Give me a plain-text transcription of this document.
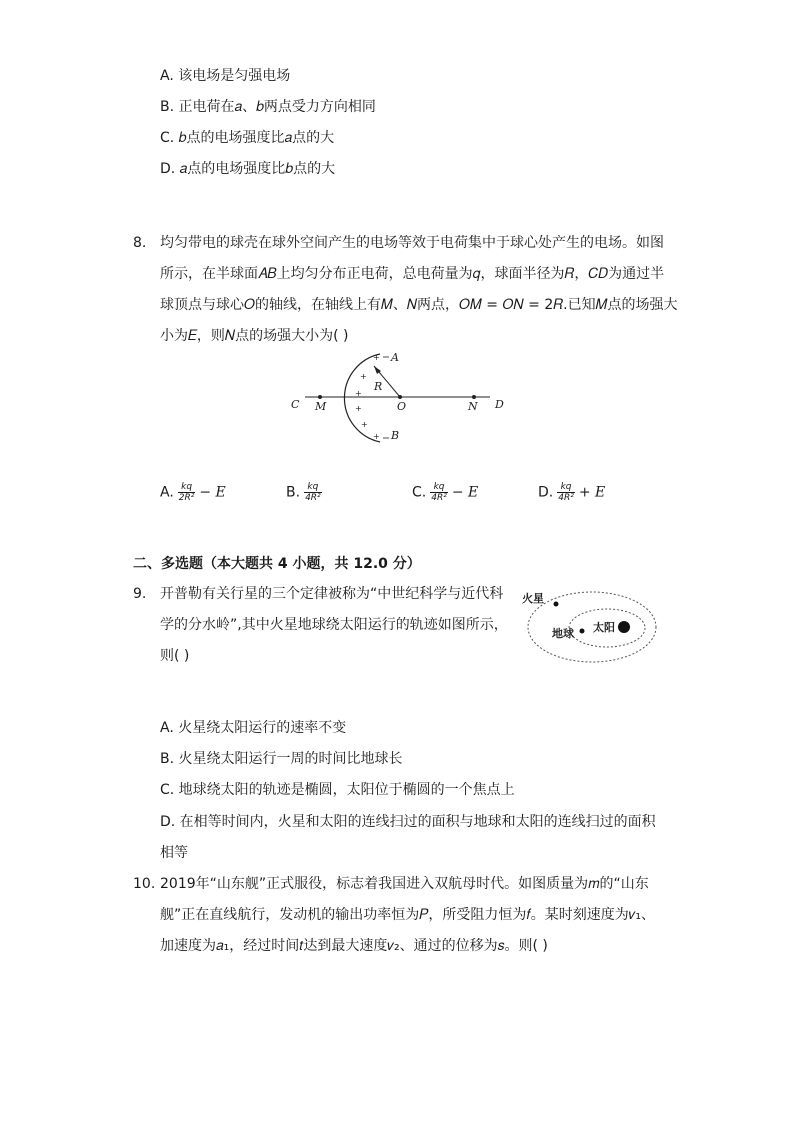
A. 该电场是匀强电场
B. 正电荷在𝑎、𝑏两点受力方向相同
C. 𝑏点的电场强度比𝑎点的大
D. 𝑎点的电场强度比𝑏点的大
8. 均匀带电的球壳在球外空间产生的电场等效于电荷集中于球心处产生的电场。如图
所示，在半球面𝐴𝐵上均匀分布正电荷，总电荷量为𝑞，球面半径为𝑅，𝐶𝐷为通过半
球顶点与球心𝑂的轴线，在轴线上有𝑀、𝑁两点，𝑂𝑀 = 𝑂𝑁 = 2𝑅.已知𝑀点的场强大
小为𝐸，则𝑁点的场强大小为( )
+
+
+
+
+
+
C M	O	N D
A
B
R
A. $\frac{kq}{\text{2R²}} - E$	B. $\frac{kq}{\text{4R²}}$	C. $\frac{kq}{\text{4R²}} - E$	D. $\frac{kq}{\text{4R²}} + E$
二、多选题（本大题共 4 小题，共 12.0 分）
9. 开普勒有关行星的三个定律被称为“中世纪科学与近代科
学的分水岭”,其中火星地球绕太阳运行的轨迹如图所示，
则( )
火星
地球 太阳
A. 火星绕太阳运行的速率不变
B. 火星绕太阳运行一周的时间比地球长
C. 地球绕太阳的轨迹是椭圆，太阳位于椭圆的一个焦点上
D. 在相等时间内，火星和太阳的连线扫过的面积与地球和太阳的连线扫过的面积
相等
10. 2019年“山东舰”正式服役，标志着我国进入双航母时代。如图质量为𝑚的“山东
舰”正在直线航行，发动机的输出功率恒为𝑃，所受阻力恒为𝑓。某时刻速度为𝑣₁、
加速度为𝑎₁，经过时间𝑡达到最大速度𝑣₂、通过的位移为𝑠。则( )
